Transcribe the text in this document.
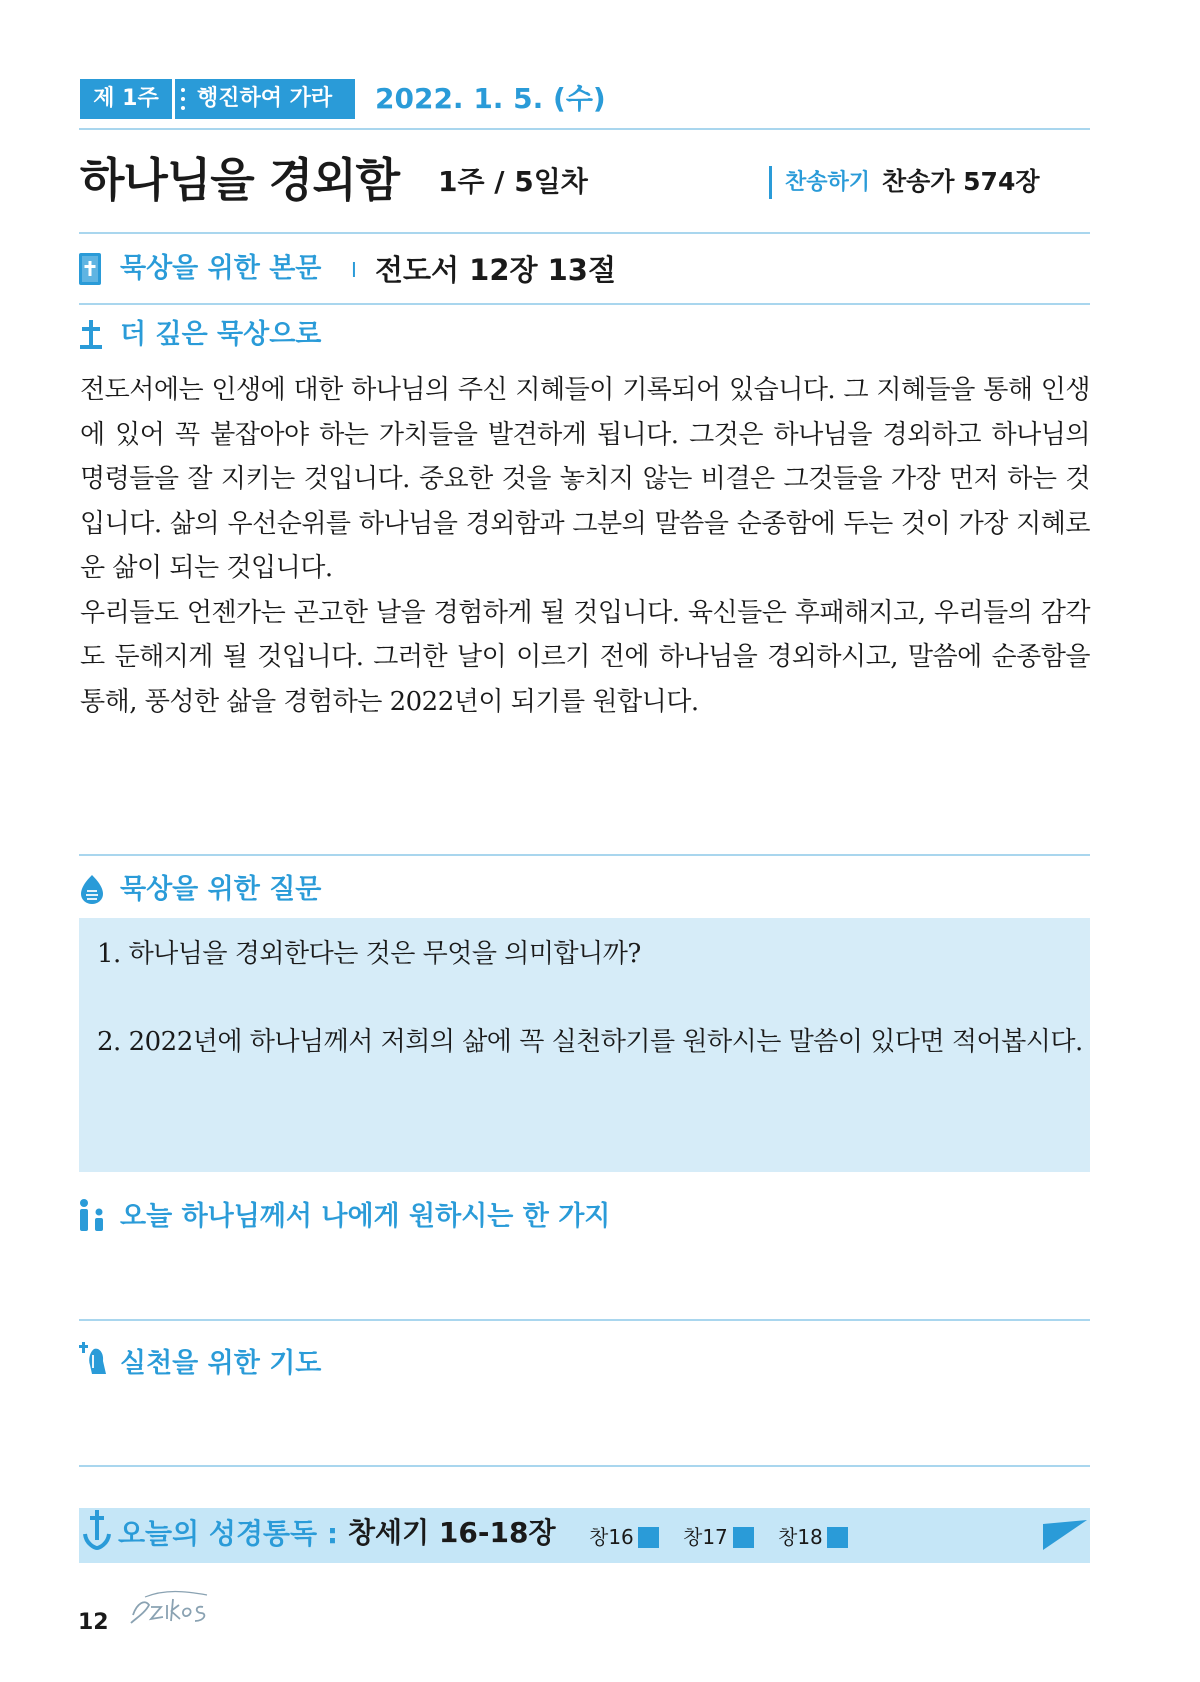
제 1주	행진하여 가라	2022. 1. 5. (수)
하나님을 경외함 1주 / 5일차	찬송하기 찬송가 574장
묵상을 위한 본문 I 전도서 12장 13절
더 깊은 묵상으로

전도서에는 인생에 대한 하나님의 주신 지혜들이 기록되어 있습니다. 그 지혜들을 통해 인생에 있어 꼭 붙잡아야 하는 가치들을 발견하게 됩니다. 그것은 하나님을 경외하고 하나님의 명령들을 잘 지키는 것입니다. 중요한 것을 놓치지 않는 비결은 그것들을 가장 먼저 하는 것입니다. 삶의 우선순위를 하나님을 경외함과 그분의 말씀을 순종함에 두는 것이 가장 지혜로운 삶이 되는 것입니다.

우리들도 언젠가는 곤고한 날을 경험하게 될 것입니다. 육신들은 후패해지고, 우리들의 감각도 둔해지게 될 것입니다. 그러한 날이 이르기 전에 하나님을 경외하시고, 말씀에 순종함을 통해, 풍성한 삶을 경험하는 2022년이 되기를 원합니다.

묵상을 위한 질문
1. 하나님을 경외한다는 것은 무엇을 의미합니까?
2. 2022년에 하나님께서 저희의 삶에 꼭 실천하기를 원하시는 말씀이 있다면 적어봅시다.
오늘 하나님께서 나에게 원하시는 한 가지
실천을 위한 기도
오늘의 성경통독 : 창세기 16-18장 창16 창17	창18
12
